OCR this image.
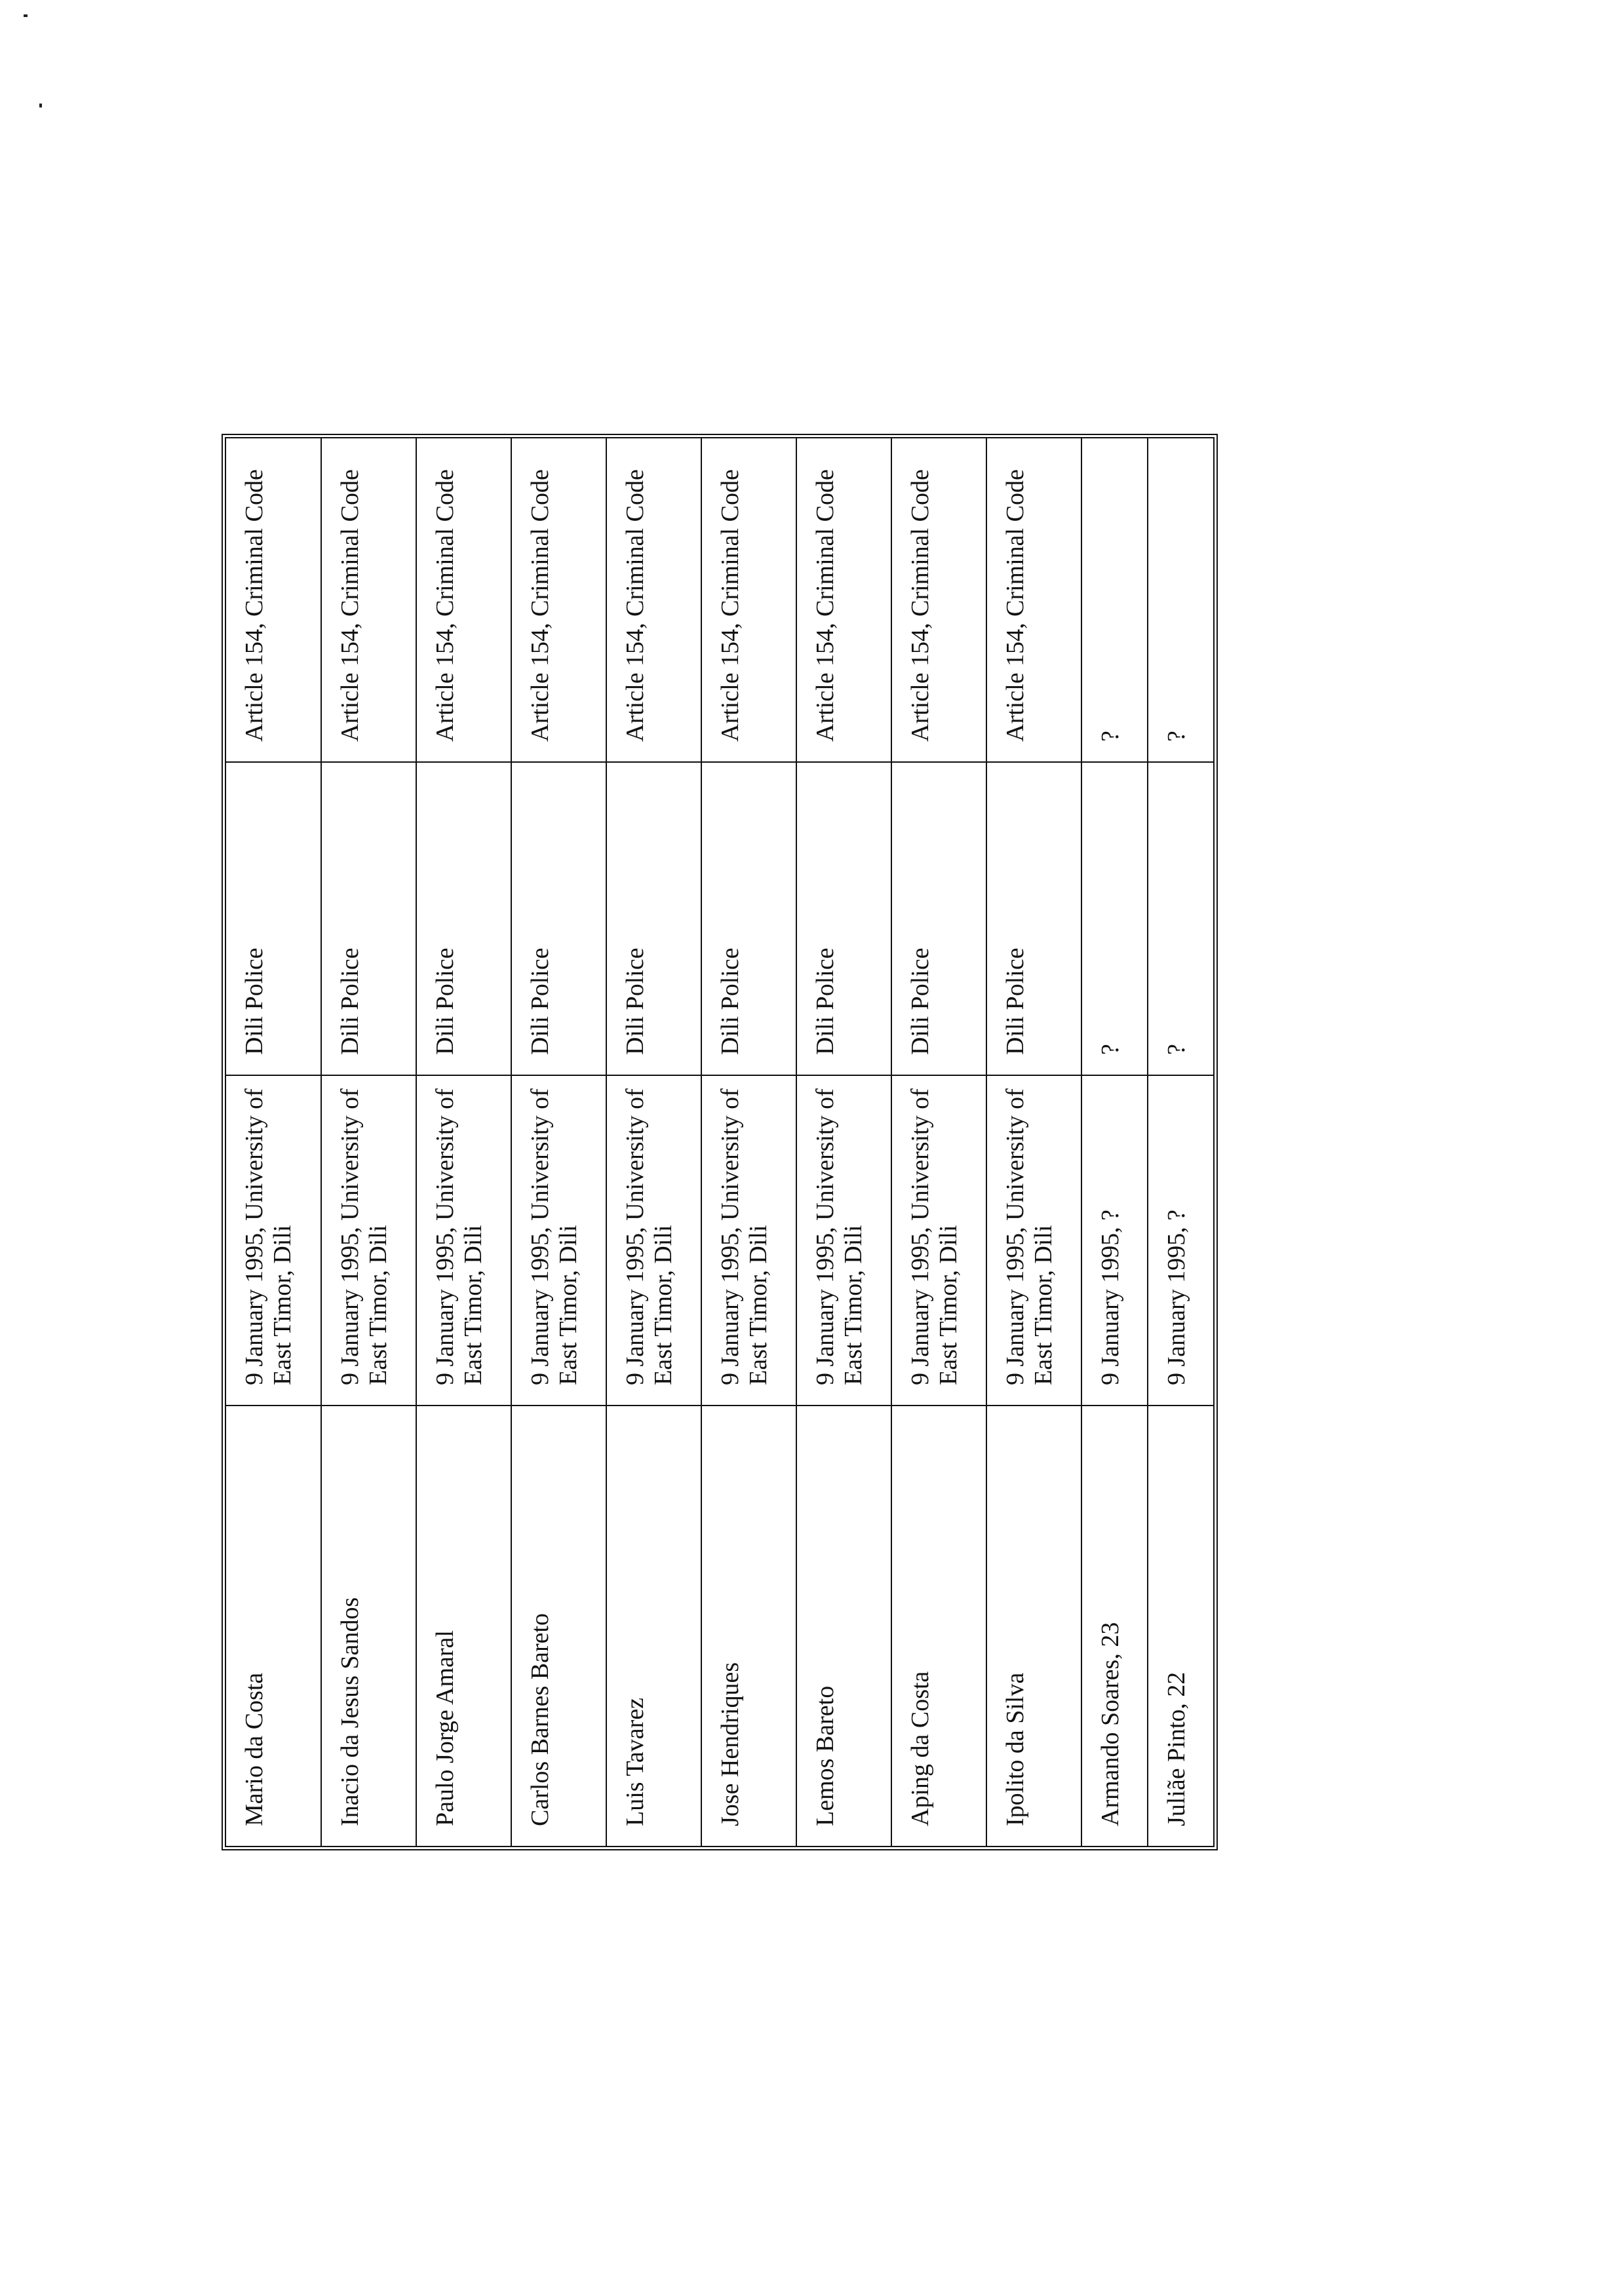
Mario da Costa	9 January 1995, University of East Timor, Dili	Dili Police	Article 154, Criminal Code
Inacio da Jesus Sandos	9 January 1995, University of East Timor, Dili	Dili Police	Article 154, Criminal Code
Paulo Jorge Amaral	9 January 1995, University of East Timor, Dili	Dili Police	Article 154, Criminal Code
Carlos Barnes Bareto	9 January 1995, University of East Timor, Dili	Dili Police	Article 154, Criminal Code
Luis Tavarez	9 January 1995, University of East Timor, Dili	Dili Police	Article 154, Criminal Code
Jose Hendriques	9 January 1995, University of East Timor, Dili	Dili Police	Article 154, Criminal Code
Lemos Bareto	9 January 1995, University of East Timor, Dili	Dili Police	Article 154, Criminal Code
Aping da Costa	9 January 1995, University of East Timor, Dili	Dili Police	Article 154, Criminal Code
Ipolito da Silva	9 January 1995, University of East Timor, Dili	Dili Police	Article 154, Criminal Code
Armando Soares, 23	9 January 1995, ?	?	?
Juliãe Pinto, 22	9 January 1995, ?	?	?
